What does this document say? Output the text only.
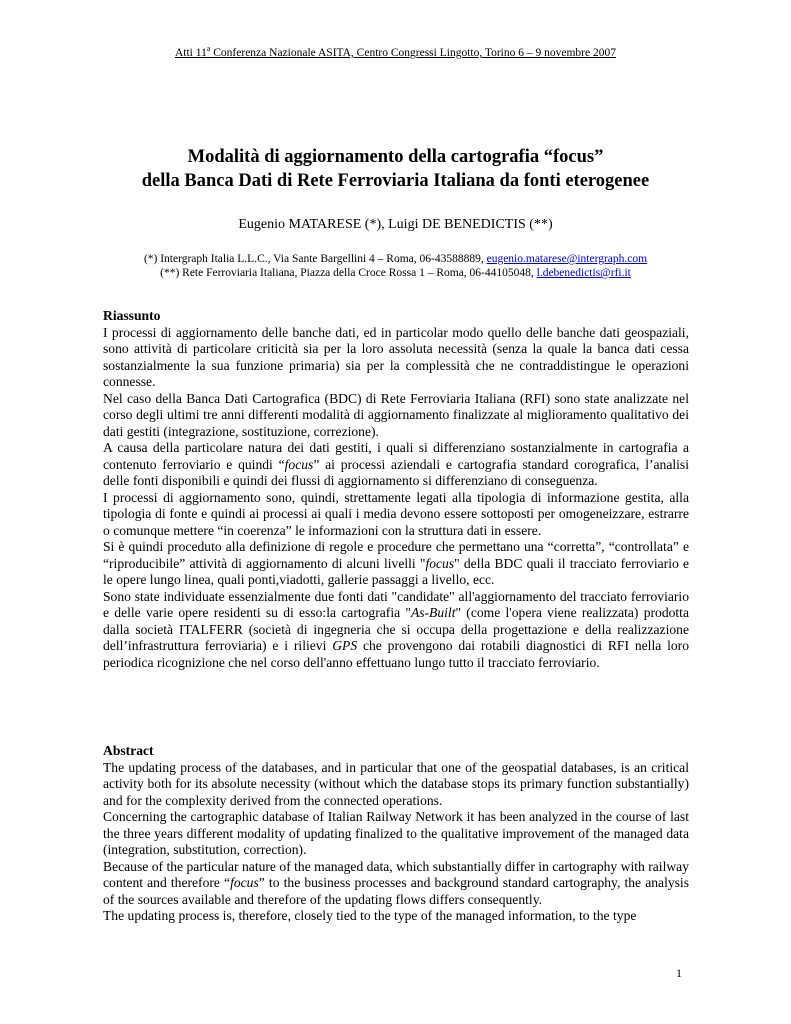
Atti 11$^a$ Conferenza Nazionale ASITA, Centro Congressi Lingotto, Torino 6 – 9 novembre 2007
Modalità di aggiornamento della cartografia “focus”
della Banca Dati di Rete Ferroviaria Italiana da fonti eterogenee
Eugenio MATARESE (*), Luigi DE BENEDICTIS (**)
(*) Intergraph Italia L.L.C., Via Sante Bargellini 4 – Roma, 06-43588889, eugenio.matarese@intergraph.com
(**) Rete Ferroviaria Italiana, Piazza della Croce Rossa 1 – Roma, 06-44105048, l.debenedictis@rfi.it

Riassunto

I processi di aggiornamento delle banche dati, ed in particolar modo quello delle banche dati geospaziali, sono attività di particolare criticità sia per la loro assoluta necessità (senza la quale la banca dati cessa sostanzialmente la sua funzione primaria) sia per la complessità che ne contraddistingue le operazioni connesse.

Nel caso della Banca Dati Cartografica (BDC) di Rete Ferroviaria Italiana (RFI) sono state analizzate nel corso degli ultimi tre anni differenti modalità di aggiornamento finalizzate al miglioramento qualitativo dei dati gestiti (integrazione, sostituzione, correzione).

A causa della particolare natura dei dati gestiti, i quali si differenziano sostanzialmente in cartografia a contenuto ferroviario e quindi “focus” ai processi aziendali e cartografia standard corografica, l’analisi delle fonti disponibili e quindi dei flussi di aggiornamento si differenziano di conseguenza.

I processi di aggiornamento sono, quindi, strettamente legati alla tipologia di informazione gestita, alla tipologia di fonte e quindi ai processi ai quali i media devono essere sottoposti per omogeneizzare, estrarre o comunque mettere “in coerenza” le informazioni con la struttura dati in essere.

Si è quindi proceduto alla definizione di regole e procedure che permettano una “corretta”, “controllata” e “riproducibile” attività di aggiornamento di alcuni livelli "focus" della BDC quali il tracciato ferroviario e le opere lungo linea, quali ponti,viadotti, gallerie passaggi a livello, ecc.

Sono state individuate essenzialmente due fonti dati "candidate" all'aggiornamento del tracciato ferroviario e delle varie opere residenti su di esso:la cartografia "As-Built" (come l'opera viene realizzata) prodotta dalla società ITALFERR (società di ingegneria che si occupa della progettazione e della realizzazione dell’infrastruttura ferroviaria) e i rilievi GPS che provengono dai rotabili diagnostici di RFI nella loro periodica ricognizione che nel corso dell'anno effettuano lungo tutto il tracciato ferroviario.

Abstract

The updating process of the databases, and in particular that one of the geospatial databases, is an critical activity both for its absolute necessity (without which the database stops its primary function substantially) and for the complexity derived from the connected operations.

Concerning the cartographic database of Italian Railway Network it has been analyzed in the course of last the three years different modality of updating finalized to the qualitative improvement of the managed data (integration, substitution, correction).

Because of the particular nature of the managed data, which substantially differ in cartography with railway content and therefore “focus” to the business processes and background standard cartography, the analysis of the sources available and therefore of the updating flows differs consequently.

The updating process is, therefore, closely tied to the type of the managed information, to the type

1
